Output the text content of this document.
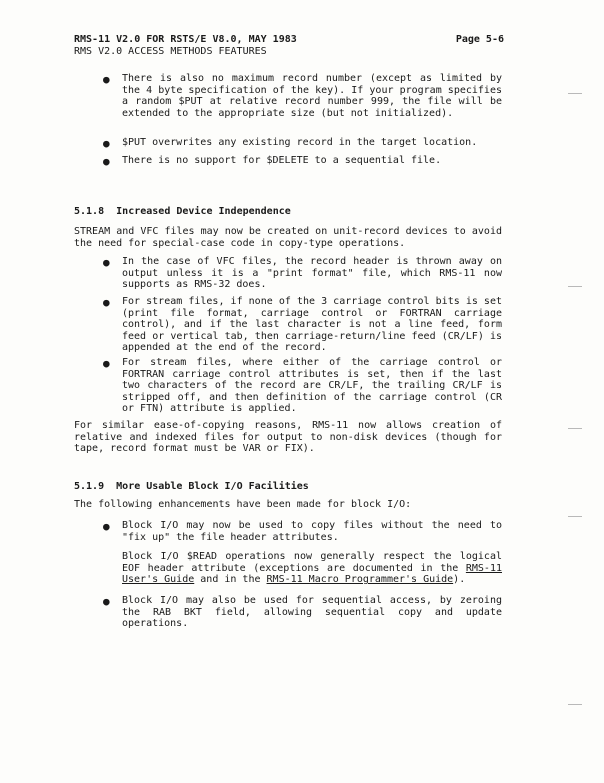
RMS-11 V2.0 FOR RSTS/E V8.0, MAY 1983	Page 5-6
RMS V2.0 ACCESS METHODS FEATURES
● There is also no maximum record number (except as limited by the 4 byte specification of the key). If your program specifies a random $PUT at relative record number 999, the file will be extended to the appropriate size (but not initialized).
● $PUT overwrites any existing record in the target location.
● There is no support for $DELETE to a sequential file.
5.1.8 Increased Device Independence
STREAM and VFC files may now be created on unit-record devices to avoid the need for special-case code in copy-type operations.
● In the case of VFC files, the record header is thrown away on output unless it is a "print format" file, which RMS-11 now supports as RMS-32 does.
● For stream files, if none of the 3 carriage control bits is set (print file format, carriage control or FORTRAN carriage control), and if the last character is not a line feed, form feed or vertical tab, then carriage-return/line feed (CR/LF) is appended at the end of the record.
● For stream files, where either of the carriage control or FORTRAN carriage control attributes is set, then if the last two characters of the record are CR/LF, the trailing CR/LF is stripped off, and then definition of the carriage control (CR or FTN) attribute is applied.
For similar ease-of-copying reasons, RMS-11 now allows creation of relative and indexed files for output to non-disk devices (though for tape, record format must be VAR or FIX).
5.1.9 More Usable Block I/O Facilities
The following enhancements have been made for block I/O:
● Block I/O may now be used to copy files without the need to "fix up" the file header attributes.
Block I/O $READ operations now generally respect the logical EOF header attribute (exceptions are documented in the RMS-11 User's Guide and in the RMS-11 Macro Programmer's Guide).
● Block I/O may also be used for sequential access, by zeroing the RAB BKT field, allowing sequential copy and update operations.
